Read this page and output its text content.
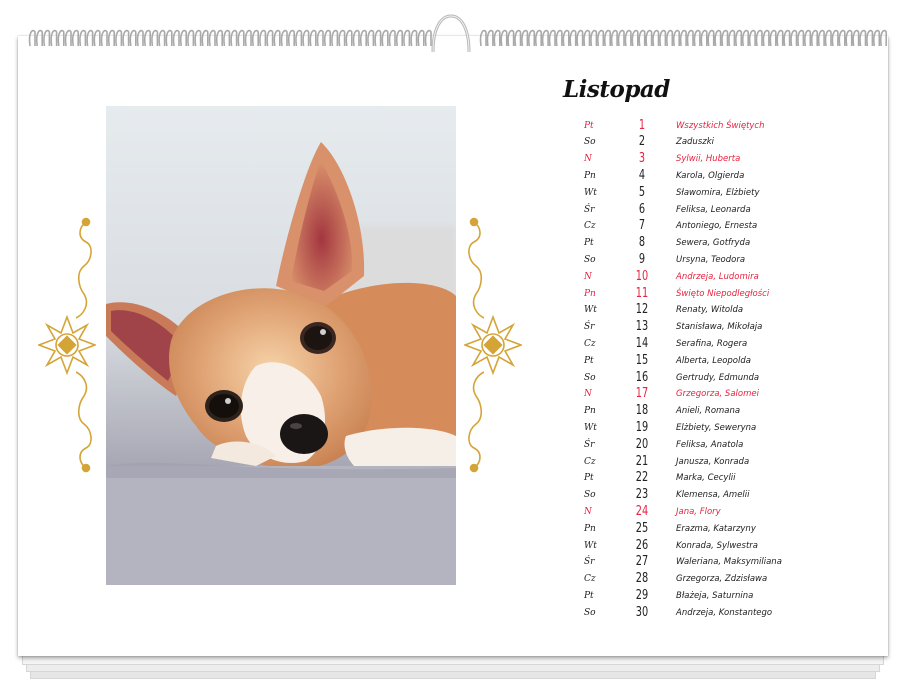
Listopad
Pt	1	Wszystkich Świętych
So	2	Zaduszki
N	3	Sylwii, Huberta
Pn	4	Karola, Olgierda
Wt	5	Sławomira, Elżbiety
Śr	6	Feliksa, Leonarda
Cz	7	Antoniego, Ernesta
Pt	8	Sewera, Gotfryda
So	9	Ursyna, Teodora
N	10	Andrzeja, Ludomira
Pn	11	Święto Niepodległości
Wt	12	Renaty, Witolda
Śr	13	Stanisława, Mikołaja
Cz	14	Serafina, Rogera
Pt	15	Alberta, Leopolda
So	16	Gertrudy, Edmunda
N	17	Grzegorza, Salomei
Pn	18	Anieli, Romana
Wt	19	Elżbiety, Seweryna
Śr	20	Feliksa, Anatola
Cz	21	Janusza, Konrada
Pt	22	Marka, Cecylii
So	23	Klemensa, Amelii
N	24	Jana, Flory
Pn	25	Erazma, Katarzyny
Wt	26	Konrada, Sylwestra
Śr	27	Waleriana, Maksymiliana
Cz	28	Grzegorza, Zdzisława
Pt	29	Błażeja, Saturnina
So	30	Andrzeja, Konstantego
